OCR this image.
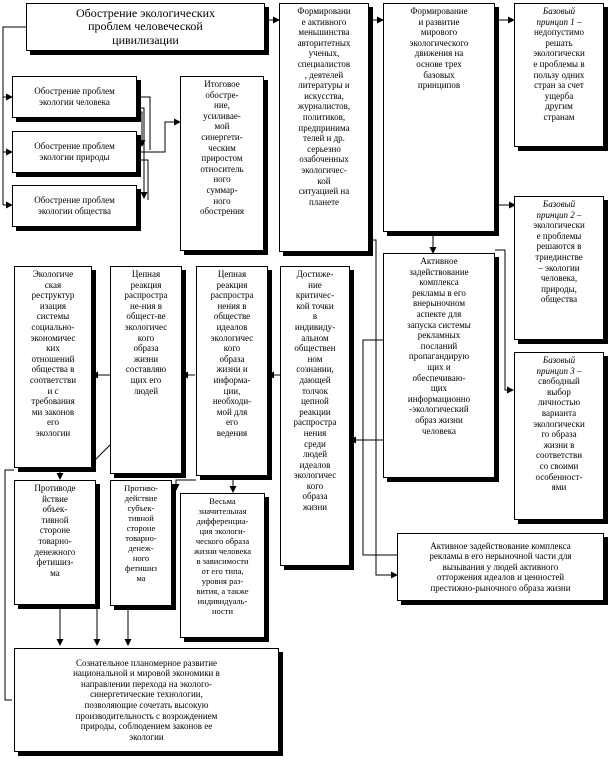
Обострение экологических
проблем человеческой
цивилизации
Обострение проблем
экологии человека
Обострение проблем
экологии природы
Обострение проблем
экологии общества
Итоговое
обостре-
ние,
усиливае-
мой
синергети-
ческим
приростом
относитель
ного
суммар-
ного
обострения
Формировани
е активного
меньшинства
авторитетных
ученых,
специалистов
, деятелей
литературы и
искусства,
журналистов,
политиков,
предпринима
телей и др.
серьезно
озабоченных
экологичес-
кой
ситуацией на
планете
Формирование
и развитие
мирового
экологического
движения на
основе трех
базовых
принципов
Базовый
принцип 1 –
недопустимо
решать
экологически
е проблемы в
пользу одних
стран за счет
ущерба
другим
странам
Базовый
принцип 2 –
экологически
е проблемы
решаются в
триединстве
– экологии
человека,
природы,
общества
Базовый
принцип 3 –
свободный
выбор
личностью
варианта
экологически
го образа
жизни в
соответстви
со своими
особенност-
ями
Активное
задействование
комплекса
рекламы в его
внерыночном
аспекте для
запуска системы
рекламных
посланий
пропагандирую
щих и
обеспечиваю-
щих
информационно
-экологический
образ жизни
человека
Достиже-
ние
критичес-
кой точки
в
индивиду-
альном
обществен
ном
сознании,
дающей
толчок
цепной
реакции
распростра
нения
среди
людей
идеалов
экологичес
кого
образа
жизни
Цепная
реакция
распростра
нения в
обществе
идеалов
экологичес
кого
образа
жизни и
информа-
ции,
необходи-
мой для
его
ведения
Цепная
реакция
распростра
не-ния в
общест-ве
экологичес
кого
образа
жизни
составляю
щих его
людей
Экологиче
ская
реструктур
изация
системы
социально-
экономичес
ких
отношений
общества в
соответстви
и с
требования
ми законов
его
экологии
Противоде
йствие
объек-
тивной
стороне
товарно-
денежного
фетишиз-
ма
Противо-
действие
субъек-
тивной
стороне
товарно-
денеж-
ного
фетишиз
ма
Весьма
значительная
дифференциа-
ция экологи-
ческого образа
жизни человека
в зависимости
от его типа,
уровня раз-
вития, а также
индивидуаль-
ности
Активное задействование комплекса
рекламы в его нерыночной части для
вызывания у людей активного
отторжения идеалов и ценностей
престижно-рыночного образа жизни
Сознательное планомерное развитие
национальной и мировой экономики в
направлении перехода на эколого-
синергетические технологии,
позволяющие сочетать высокую
производительность с возрождением
природы, соблюдением законов ее
экологии
